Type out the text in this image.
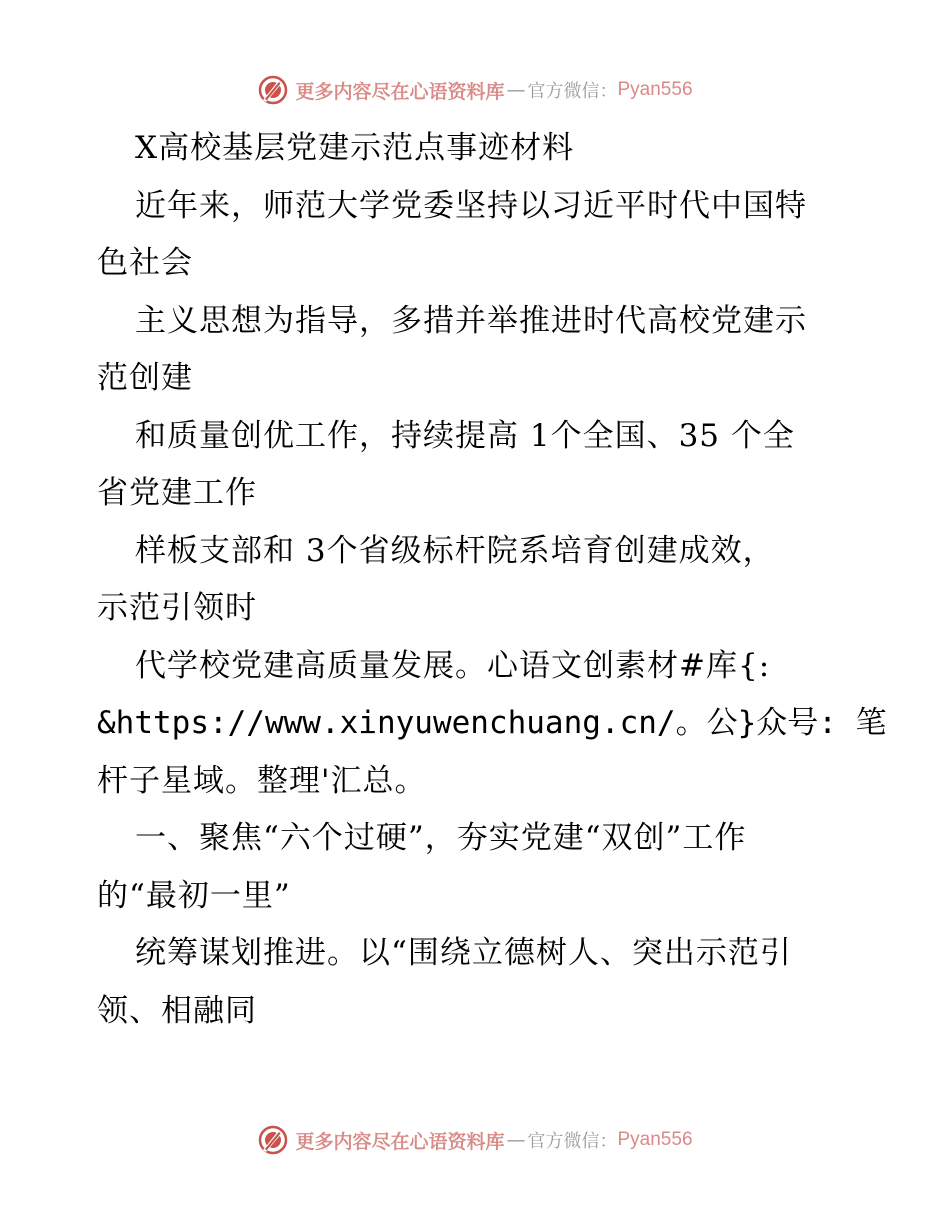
更多内容尽在心语资料库 — 官方微信： Pyan556
X高校基层党建示范点事迹材料
近年来，师范大学党委坚持以习近平时代中国特
色社会
主义思想为指导，多措并举推进时代高校党建示
范创建
和质量创优工作，持续提高 1个全国、35 个全
省党建工作
样板支部和 3个省级标杆院系培育创建成效，
示范引领时
代学校党建高质量发展。心语文创素材#库{:
&https://www.xinyuwenchuang.cn/。公}众号: 笔
杆子星域。整理'汇总。
一、聚焦“六个过硬”，夯实党建“双创”工作
的“最初一里”
统筹谋划推进。以“围绕立德树人、突出示范引
领、相融同
更多内容尽在心语资料库 — 官方微信： Pyan556
